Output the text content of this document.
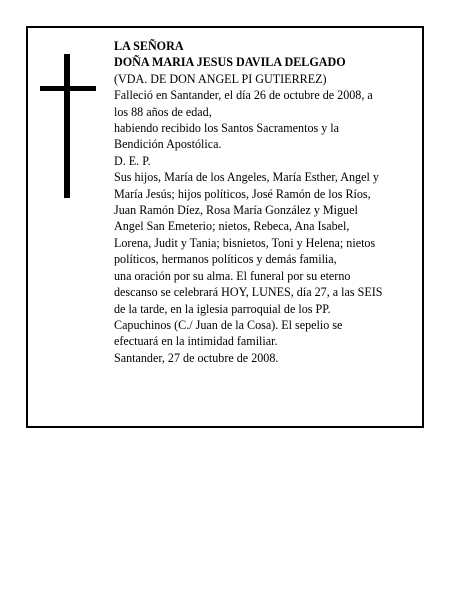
LA SEÑORA
DOÑA MARIA JESUS DAVILA DELGADO
(VDA. DE DON ANGEL PI GUTIERREZ)
Falleció en Santander, el día 26 de octubre de 2008, a
los 88 años de edad,
habiendo recibido los Santos Sacramentos y la
Bendición Apostólica.
D. E. P.
Sus hijos, María de los Angeles, María Esther, Angel y
María Jesús; hijos políticos, José Ramón de los Ríos,
Juan Ramón Díez, Rosa María González y Miguel
Angel San Emeterio; nietos, Rebeca, Ana Isabel,
Lorena, Judit y Tania; bisnietos, Toni y Helena; nietos
políticos, hermanos políticos y demás familia,
una oración por su alma. El funeral por su eterno
descanso se celebrará HOY, LUNES, día 27, a las SEIS
de la tarde, en la iglesia parroquial de los PP.
Capuchinos (C./ Juan de la Cosa). El sepelio se
efectuará en la intimidad familiar.
Santander, 27 de octubre de 2008.
